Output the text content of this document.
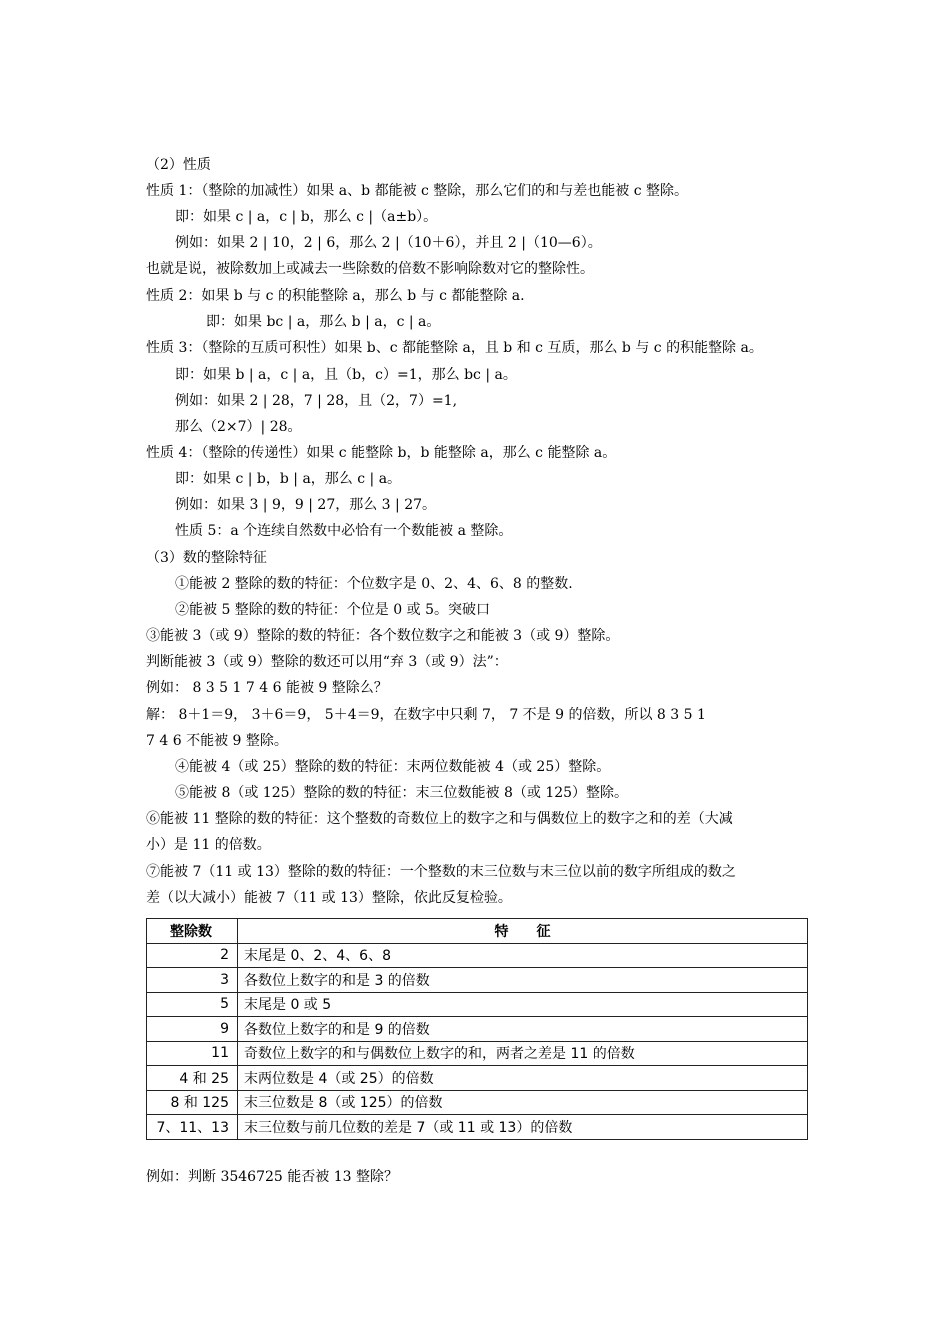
（2）性质
性质 1：（整除的加减性）如果 a、b 都能被 c 整除，那么它们的和与差也能被 c 整除。
即：如果 c | a，c | b，那么 c |（a±b）。
例如：如果 2 | 10，2 | 6，那么 2 |（10＋6），并且 2 |（10—6）。
也就是说，被除数加上或减去一些除数的倍数不影响除数对它的整除性。
性质 2：如果 b 与 c 的积能整除 a，那么 b 与 c 都能整除 a.
即：如果 bc | a，那么 b | a，c | a。
性质 3：（整除的互质可积性）如果 b、c 都能整除 a，且 b 和 c 互质，那么 b 与 c 的积能整除 a。
即：如果 b | a，c | a，且（b，c）=1，那么 bc | a。
例如：如果 2 | 28，7 | 28，且（2，7）=1,
那么（2×7）| 28。
性质 4：（整除的传递性）如果 c 能整除 b，b 能整除 a，那么 c 能整除 a。
即：如果 c | b，b | a，那么 c | a。
例如：如果 3 | 9，9 | 27，那么 3 | 27。
性质 5：a 个连续自然数中必恰有一个数能被 a 整除。
（3）数的整除特征
①能被 2 整除的数的特征：个位数字是 0、2、4、6、8 的整数.
②能被 5 整除的数的特征：个位是 0 或 5。突破口
③能被 3（或 9）整除的数的特征：各个数位数字之和能被 3（或 9）整除。
判断能被 3（或 9）整除的数还可以用“弃 3（或 9）法”：
例如： 8 3 5 1 7 4 6 能被 9 整除么？
解： 8＋1＝9， 3＋6＝9， 5＋4＝9，在数字中只剩 7， 7 不是 9 的倍数，所以 8 3 5 1
7 4 6 不能被 9 整除。
④能被 4（或 25）整除的数的特征：末两位数能被 4（或 25）整除。
⑤能被 8（或 125）整除的数的特征：末三位数能被 8（或 125）整除。
⑥能被 11 整除的数的特征：这个整数的奇数位上的数字之和与偶数位上的数字之和的差（大减
小）是 11 的倍数。
⑦能被 7（11 或 13）整除的数的特征：一个整数的末三位数与末三位以前的数字所组成的数之
差（以大减小）能被 7（11 或 13）整除，依此反复检验。
整除数	特　　征
2	末尾是 0、2、4、6、8
3	各数位上数字的和是 3 的倍数
5	末尾是 0 或 5
9	各数位上数字的和是 9 的倍数
11	奇数位上数字的和与偶数位上数字的和，两者之差是 11 的倍数
4 和 25	末两位数是 4（或 25）的倍数
8 和 125	末三位数是 8（或 125）的倍数
7、11、13	末三位数与前几位数的差是 7（或 11 或 13）的倍数
例如：判断 3546725 能否被 13 整除？
